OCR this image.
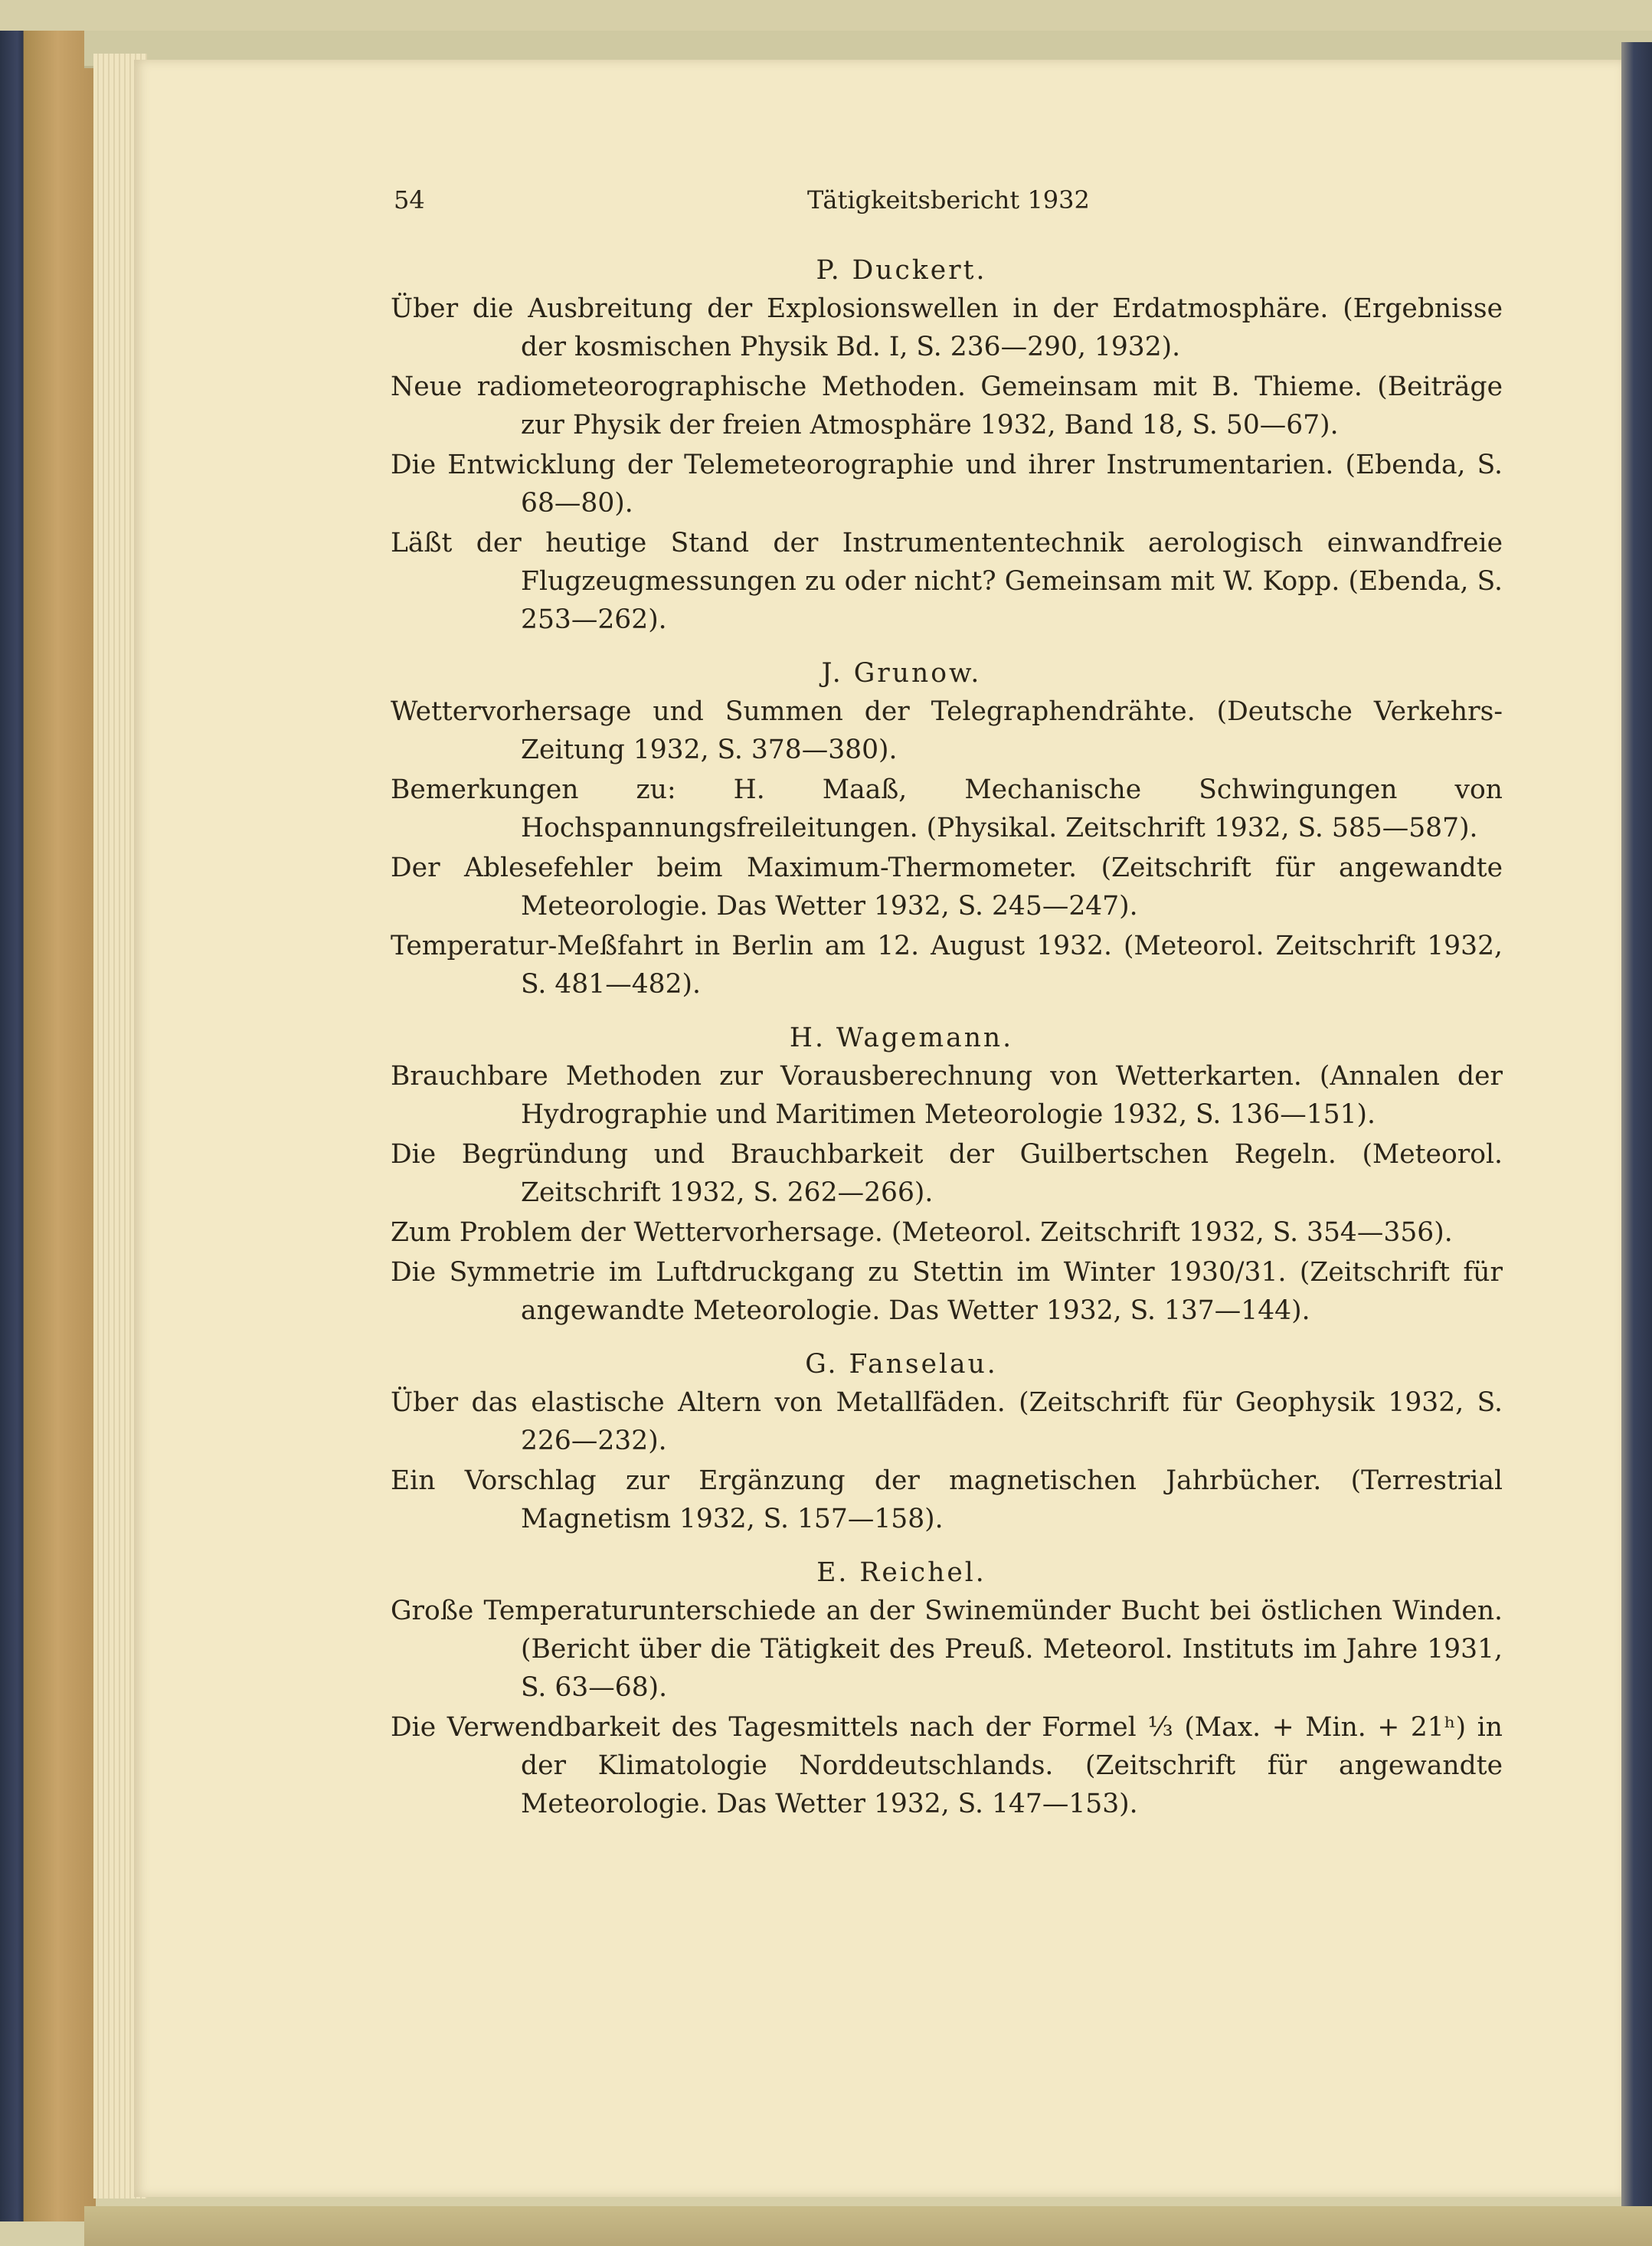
54	Tätigkeitsbericht 1932
P. Duckert.
Über die Ausbreitung der Explosionswellen in der Erdatmosphäre. (Ergebnisse der kosmischen Physik Bd. I, S. 236—290, 1932).
Neue radiometeorographische Methoden. Gemeinsam mit B. Thieme. (Beiträge zur Physik der freien Atmosphäre 1932, Band 18, S. 50—67).
Die Entwicklung der Telemeteorographie und ihrer Instrumentarien. (Ebenda, S. 68—80).
Läßt der heutige Stand der Instrumententechnik aerologisch einwandfreie Flugzeugmessungen zu oder nicht? Gemeinsam mit W. Kopp. (Ebenda, S. 253—262).
J. Grunow.
Wettervorhersage und Summen der Telegraphendrähte. (Deutsche Verkehrs-Zeitung 1932, S. 378—380).
Bemerkungen zu: H. Maaß, Mechanische Schwingungen von Hochspannungsfreileitungen. (Physikal. Zeitschrift 1932, S. 585—587).
Der Ablesefehler beim Maximum-Thermometer. (Zeitschrift für angewandte Meteorologie. Das Wetter 1932, S. 245—247).
Temperatur-Meßfahrt in Berlin am 12. August 1932. (Meteorol. Zeitschrift 1932, S. 481—482).
H. Wagemann.
Brauchbare Methoden zur Vorausberechnung von Wetterkarten. (Annalen der Hydrographie und Maritimen Meteorologie 1932, S. 136—151).
Die Begründung und Brauchbarkeit der Guilbertschen Regeln. (Meteorol. Zeitschrift 1932, S. 262—266).
Zum Problem der Wettervorhersage. (Meteorol. Zeitschrift 1932, S. 354—356).
Die Symmetrie im Luftdruckgang zu Stettin im Winter 1930/31. (Zeitschrift für angewandte Meteorologie. Das Wetter 1932, S. 137—144).
G. Fanselau.
Über das elastische Altern von Metallfäden. (Zeitschrift für Geophysik 1932, S. 226—232).
Ein Vorschlag zur Ergänzung der magnetischen Jahrbücher. (Terrestrial Magnetism 1932, S. 157—158).
E. Reichel.
Große Temperaturunterschiede an der Swinemünder Bucht bei östlichen Winden. (Bericht über die Tätigkeit des Preuß. Meteorol. Instituts im Jahre 1931, S. 63—68).
Die Verwendbarkeit des Tagesmittels nach der Formel ⅓ (Max. + Min. + 21ʰ) in der Klimatologie Norddeutschlands. (Zeitschrift für angewandte Meteorologie. Das Wetter 1932, S. 147—153).
